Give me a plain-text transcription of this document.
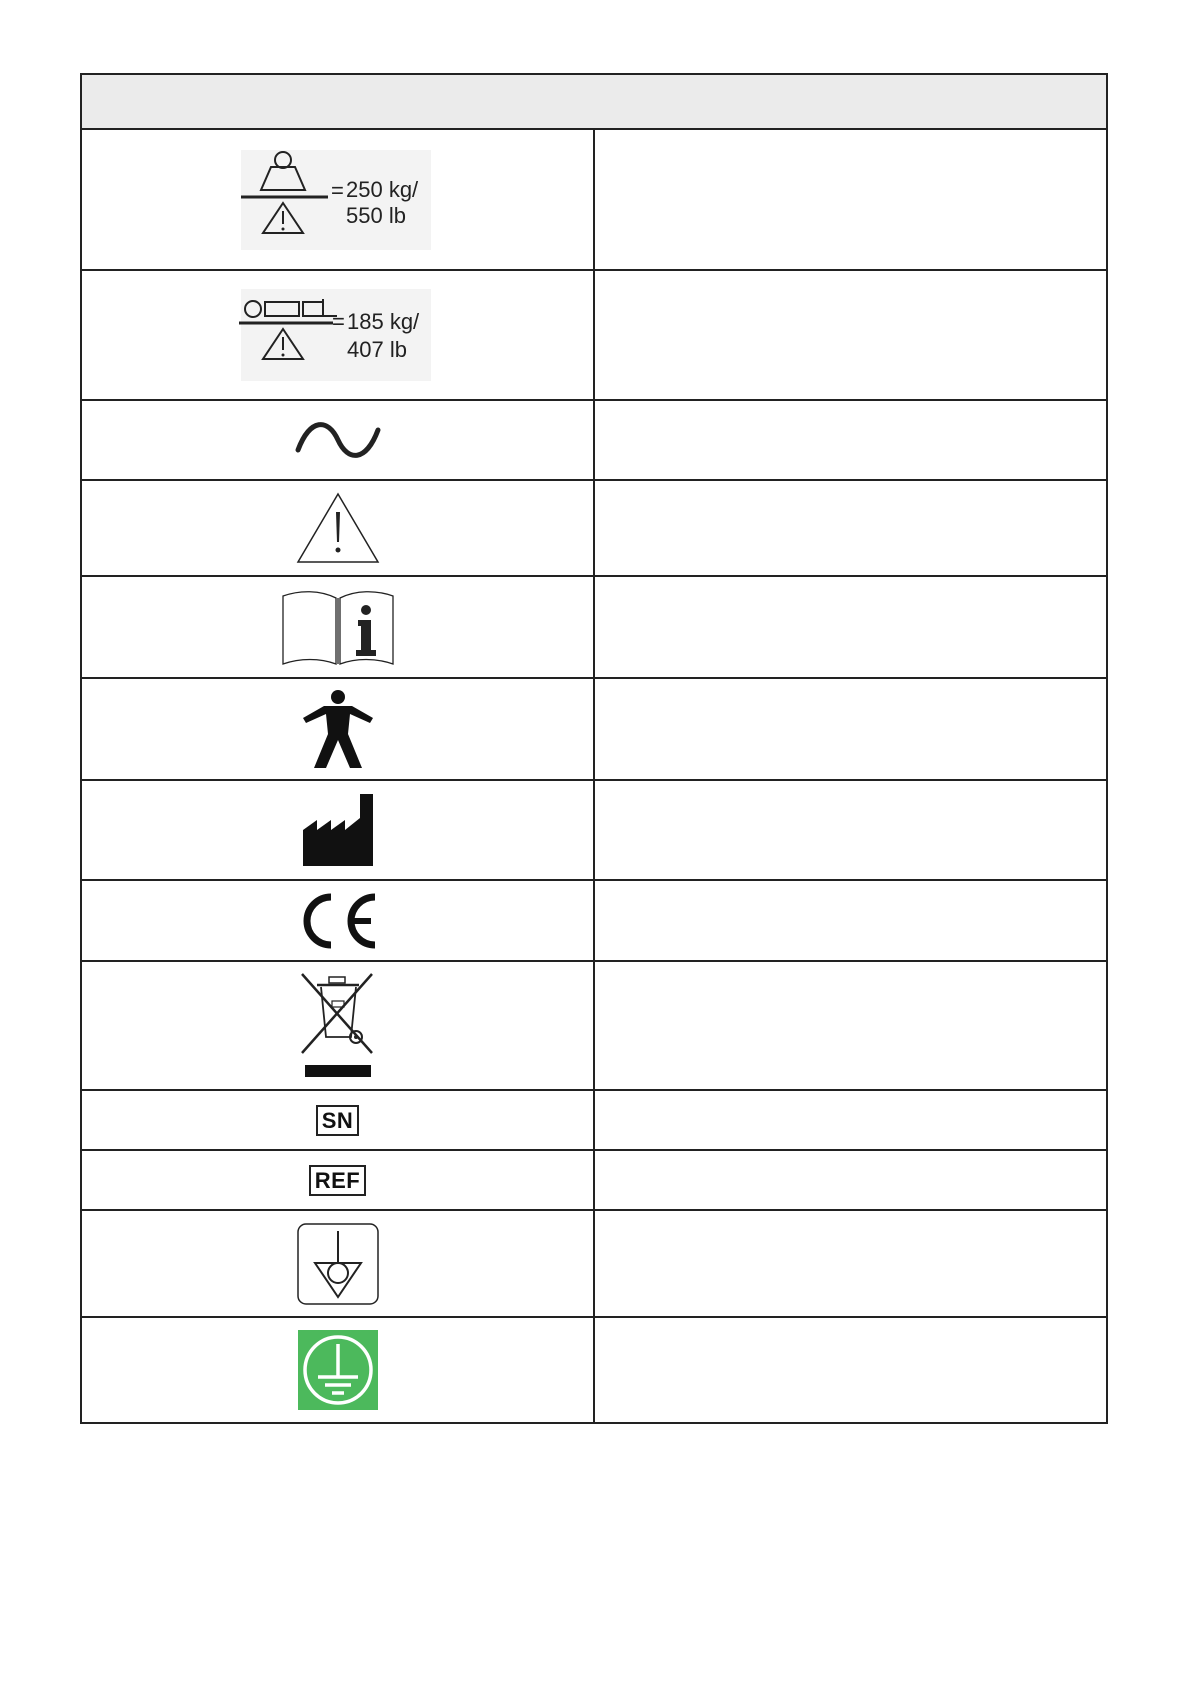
= 250 kg/
550 lb	

= 185 kg/
407 lb	

SN	
REF	
